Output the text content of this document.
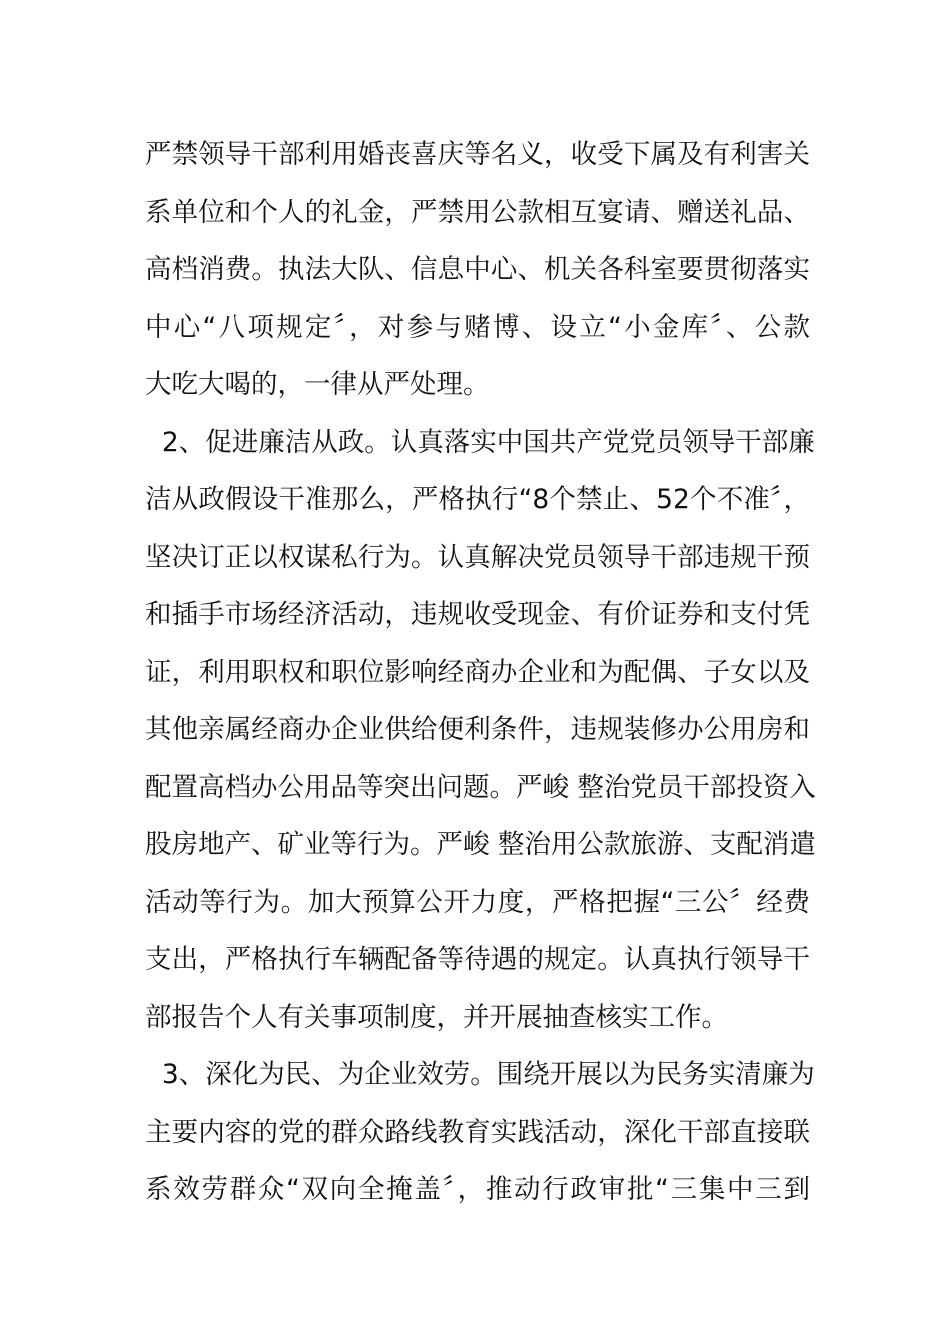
严禁领导干部利用婚丧喜庆等名义，收受下属及有利害关
系单位和个人的礼金，严禁用公款相互宴请、赠送礼品、
高档消费。执法大队、信息中心、机关各科室要贯彻落实
中心“八项规定〞，对参与赌博、设立“小金库〞、公款
大吃大喝的，一律从严处理。
2、促进廉洁从政。认真落实中国共产党党员领导干部廉
洁从政假设干准那么，严格执行“8个禁止、52个不准〞，
坚决订正以权谋私行为。认真解决党员领导干部违规干预
和插手市场经济活动，违规收受现金、有价证券和支付凭
证，利用职权和职位影响经商办企业和为配偶、子女以及
其他亲属经商办企业供给便利条件，违规装修办公用房和
配置高档办公用品等突出问题。严峻 整治党员干部投资入
股房地产、矿业等行为。严峻 整治用公款旅游、支配消遣
活动等行为。加大预算公开力度，严格把握“三公〞经费
支出，严格执行车辆配备等待遇的规定。认真执行领导干
部报告个人有关事项制度，并开展抽查核实工作。
3、深化为民、为企业效劳。围绕开展以为民务实清廉为
主要内容的党的群众路线教育实践活动，深化干部直接联
系效劳群众“双向全掩盖〞，推动行政审批“三集中三到
